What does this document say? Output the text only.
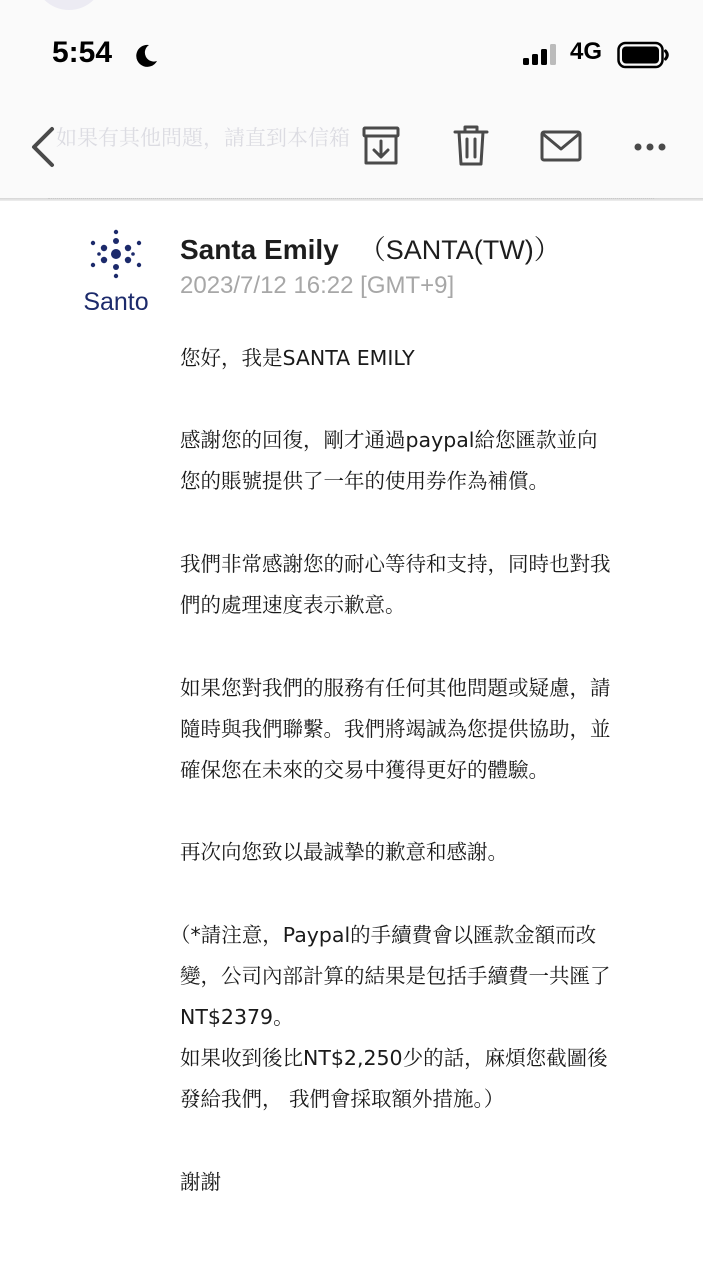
如果有其他問題，請直到本信箱
5:54	4G
Santo
Santa Emily （SANTA(TW)）
2023/7/12 16:22 [GMT+9]

您好，我是SANTA EMILY

感謝您的回復，剛才通過paypal給您匯款並向

您的賬號提供了一年的使用券作為補償。

我們非常感謝您的耐心等待和支持，同時也對我

們的處理速度表示歉意。

如果您對我們的服務有任何其他問題或疑慮，請

隨時與我們聯繫。我們將竭誠為您提供協助，並

確保您在未來的交易中獲得更好的體驗。

再次向您致以最誠摯的歉意和感謝。

（*請注意，Paypal的手續費會以匯款金額而改

變，公司內部計算的結果是包括手續費一共匯了

NT$2379。

如果收到後比NT$2,250少的話，麻煩您截圖後

發給我們， 我們會採取額外措施。）

謝謝
